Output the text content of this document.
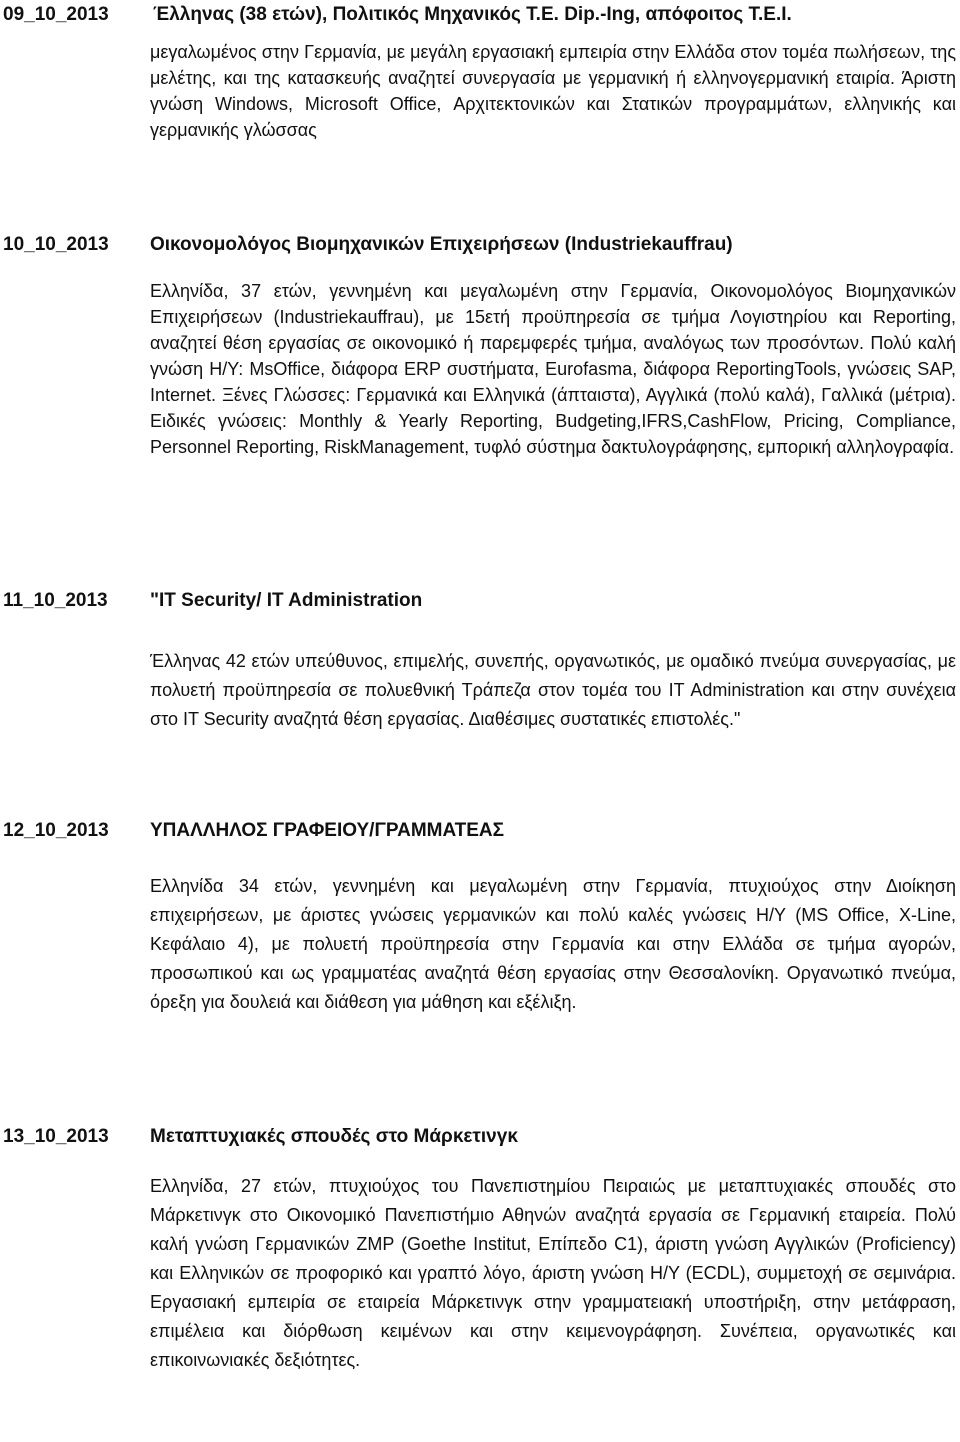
09_10_2013 Έλληνας (38 ετών), Πολιτικός Μηχανικός Τ.Ε. Dip.-Ing, απόφοιτος Τ.Ε.Ι.
μεγαλωμένος στην Γερμανία, με μεγάλη εργασιακή εμπειρία στην Ελλάδα στον τομέα πωλήσεων, της μελέτης, και της κατασκευής αναζητεί συνεργασία με γερμανική ή ελληνογερμανική εταιρία. Άριστη γνώση Windows, Microsoft Office, Αρχιτεκτονικών και Στατικών προγραμμάτων, ελληνικής και γερμανικής γλώσσας
10_10_2013 Οικονομολόγος Βιομηχανικών Επιχειρήσεων (Industriekauffrau)
Ελληνίδα, 37 ετών, γεννημένη και μεγαλωμένη στην Γερμανία, Οικονομολόγος Βιομηχανικών Επιχειρήσεων (Industriekauffrau), με 15ετή προϋπηρεσία σε τμήμα Λογιστηρίου και Reporting, αναζητεί θέση εργασίας σε οικονομικό ή παρεμφερές τμήμα, αναλόγως των προσόντων. Πολύ καλή γνώση Η/Υ: MsOffice, διάφορα ERP συστήματα, Eurofasma, διάφορα ReportingTools, γνώσεις SAP, Internet. Ξένες Γλώσσες: Γερμανικά και Ελληνικά (άπταιστα), Αγγλικά (πολύ καλά), Γαλλικά (μέτρια). Ειδικές γνώσεις: Monthly & Yearly Reporting, Budgeting,IFRS,CashFlow, Pricing, Compliance, Personnel Reporting, RiskManagement, τυφλό σύστημα δακτυλογράφησης, εμπορική αλληλογραφία.
11_10_2013 "IT Security/ IT Administration
Έλληνας 42 ετών υπεύθυνος, επιμελής, συνεπής, οργανωτικός, με ομαδικό πνεύμα συνεργασίας, με πολυετή προϋπηρεσία σε πολυεθνική Τράπεζα στον τομέα του IT Administration και στην συνέχεια στο IT Security αναζητά θέση εργασίας. Διαθέσιμες συστατικές επιστολές."
12_10_2013 ΥΠΑΛΛΗΛΟΣ ΓΡΑΦΕΙΟΥ/ΓΡΑΜΜΑΤΕΑΣ
Ελληνίδα 34 ετών, γεννημένη και μεγαλωμένη στην Γερμανία, πτυχιούχος στην Διοίκηση επιχειρήσεων, με άριστες γνώσεις γερμανικών και πολύ καλές γνώσεις Η/Υ (MS Office, X-Line, Κεφάλαιο 4), με πολυετή προϋπηρεσία στην Γερμανία και στην Ελλάδα σε τμήμα αγορών, προσωπικού και ως γραμματέας αναζητά θέση εργασίας στην Θεσσαλονίκη. Οργανωτικό πνεύμα, όρεξη για δουλειά και διάθεση για μάθηση και εξέλιξη.
13_10_2013 Μεταπτυχιακές σπουδές στο Μάρκετινγκ
Ελληνίδα, 27 ετών, πτυχιούχος του Πανεπιστημίου Πειραιώς με μεταπτυχιακές σπουδές στο Μάρκετινγκ στο Οικονομικό Πανεπιστήμιο Αθηνών αναζητά εργασία σε Γερμανική εταιρεία. Πολύ καλή γνώση Γερμανικών ZMP (Goethe Institut, Επίπεδο C1), άριστη γνώση Αγγλικών (Proficiency) και Ελληνικών σε προφορικό και γραπτό λόγο, άριστη γνώση Η/Υ (ECDL), συμμετοχή σε σεμινάρια. Εργασιακή εμπειρία σε εταιρεία Μάρκετινγκ στην γραμματειακή υποστήριξη, στην μετάφραση, επιμέλεια και διόρθωση κειμένων και στην κειμενογράφηση. Συνέπεια, οργανωτικές και επικοινωνιακές δεξιότητες.
